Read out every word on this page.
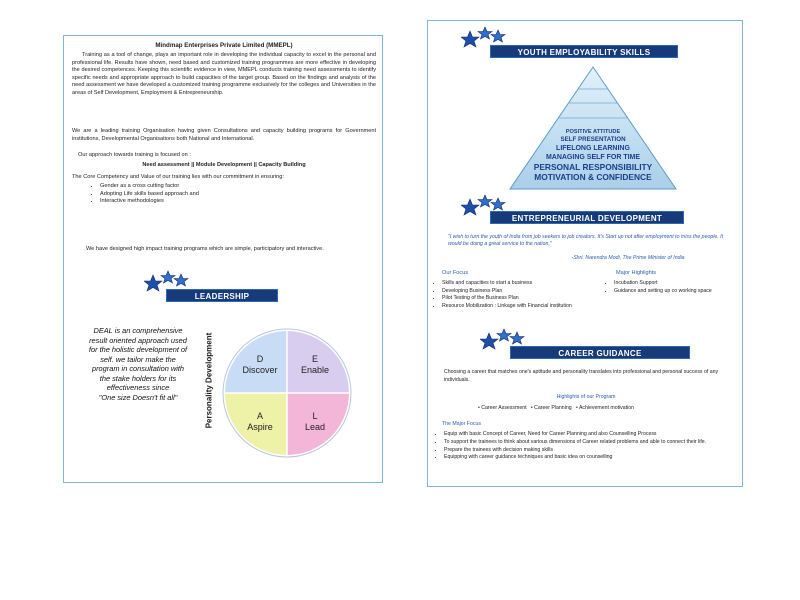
Mindmap Enterprises Private Limited (MMEPL)
Training as a tool of change, plays an important role in developing the individual capacity to excel in the personal and professional life. Results have shown, need based and customized training programmes are more effective in developing the desired competences. Keeping this scientific evidence in view, MMEPL conducts training need assessments to identify specific needs and appropriate approach to build capacities of the target group. Based on the findings and analysis of the need assessment we have developed a customized training programme exclusively for the colleges and Universities in the areas of Self Development, Employment & Entrepreneurship.
We are a leading training Organisation having given Consultations and capacity building programs for Government institutions, Developmental Organisations both National and International.
Our approach towards training is focused on :
Need assessment || Module Development || Capacity Building
The Core Competency and Value of our training lies with our commitment in ensuring:
• Gender as a cross cutting factor
• Adopting Life skills based approach and
• Interactive methodologies
We have designed high impact training programs which are simple, participatory and interactive.
LEADERSHIP
DEAL is an comprehensive result oriented approach used for the holistic development of self. we tailor make the program in consultation with the stake holders for its effectiveness since
"One size Doesn't fit all"	Personality Development	D
Discover
E
Enable
A
Aspire
L
Lead
YOUTH EMPLOYABILITY SKILLS
POSITIVE ATTITUDE
SELF PRESENTATION
LIFELONG LEARNING
MANAGING SELF FOR TIME
PERSONAL RESPONSIBILITY
MOTIVATION & CONFIDENCE
ENTREPRENEURIAL DEVELOPMENT
"I wish to turn the youth of India from job seekers to job creators. It's Start up not after employment to miss the people. It would be doing a great service to the nation."
-Shri. Narendra Modi, The Prime Minister of India
Our Focus
• Skills and capacities to start a business
• Developing Business Plan
• Pilot Testing of the Business Plan
• Resource Mobilization : Linkage with Financial institution
Major Highlights
• Incubation Support
• Guidance and setting up co working space
CAREER GUIDANCE
Choosing a career that matches one's aptitude and personality translates into professional and personal success of any individuals.
Highlights of our Program
• Career Assessment   • Career Planning   • Achievement motivation
The Major Focus
• Equip with basic Concept of Career, Need for Career Planning and also Counselling Process
• To support the trainees to think about various dimensions of Career related problems and able to connect their life.
• Prepare the trainees with decision making skills
• Equipping with career guidance techniques and basic idea on counselling
